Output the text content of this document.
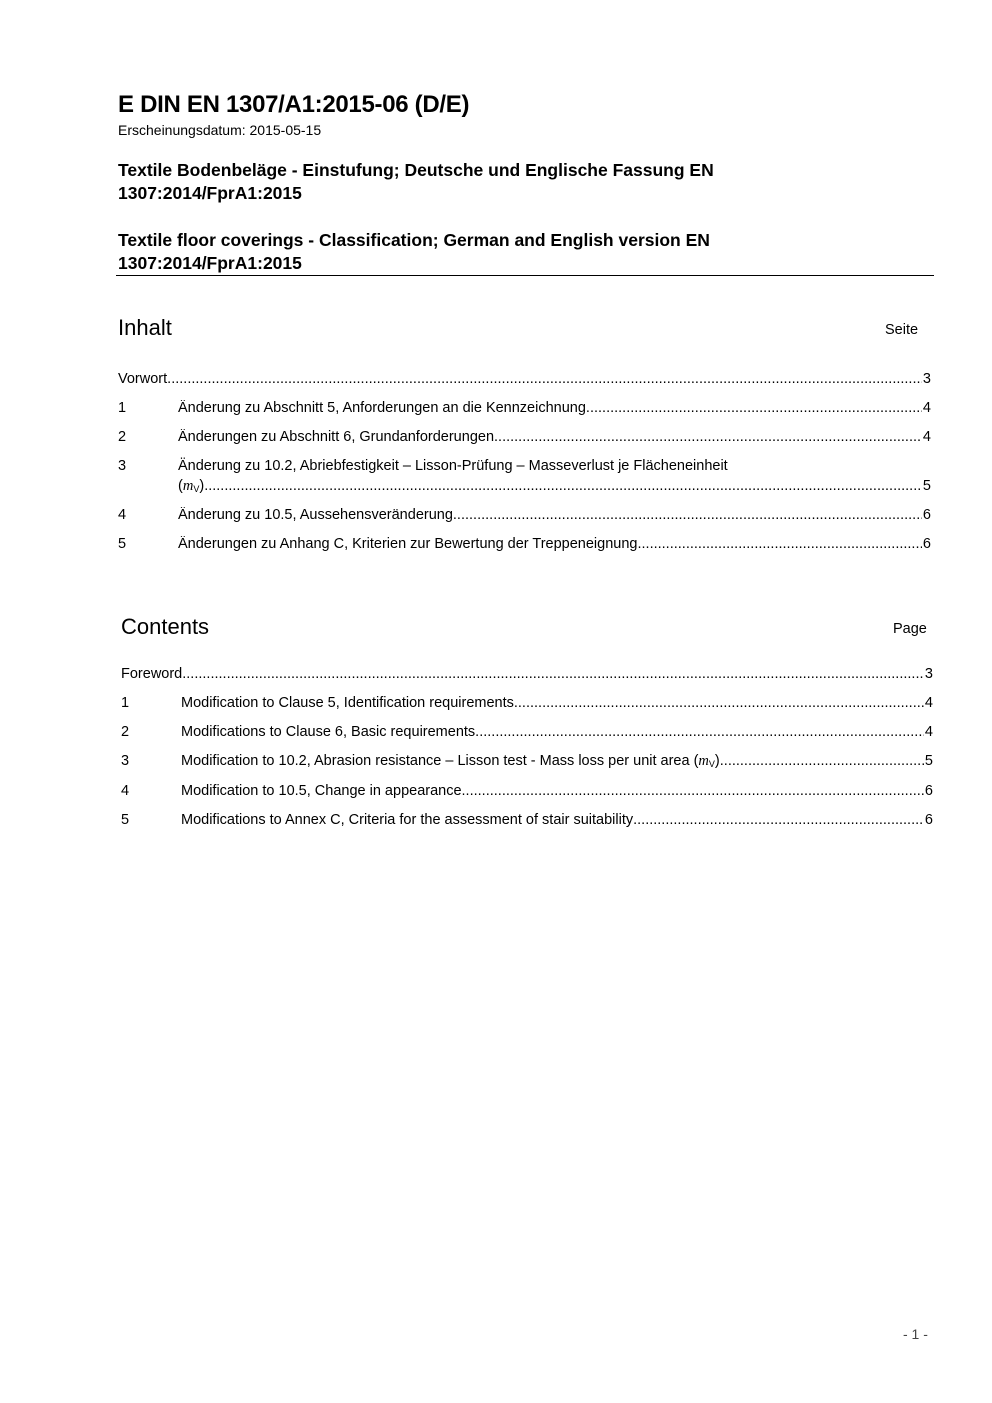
E DIN EN 1307/A1:2015-06 (D/E)
Erscheinungsdatum: 2015-05-15
Textile Bodenbeläge - Einstufung; Deutsche und Englische Fassung EN 1307:2014/FprA1:2015
Textile floor coverings - Classification; German and English version EN 1307:2014/FprA1:2015
Inhalt	Seite
Vorwort .....	3
1	Änderung zu Abschnitt 5, Anforderungen an die Kennzeichnung .....	4
2	Änderungen zu Abschnitt 6, Grundanforderungen .....	4
3	Änderung zu 10.2, Abriebfestigkeit – Lisson-Prüfung – Masseverlust je Flächeneinheit
$(m_V)$ .....	5
4	Änderung zu 10.5, Aussehensveränderung .....	6
5	Änderungen zu Anhang C, Kriterien zur Bewertung der Treppeneignung .....	6
Contents	Page
Foreword .....	3
1	Modification to Clause 5, Identification requirements .....	4
2	Modifications to Clause 6, Basic requirements .....	4
3	Modification to 10.2, Abrasion resistance – Lisson test - Mass loss per unit area $(m_V)$ .....	5
4	Modification to 10.5, Change in appearance .....	6
5	Modifications to Annex C, Criteria for the assessment of stair suitability .....	6
- 1 -
